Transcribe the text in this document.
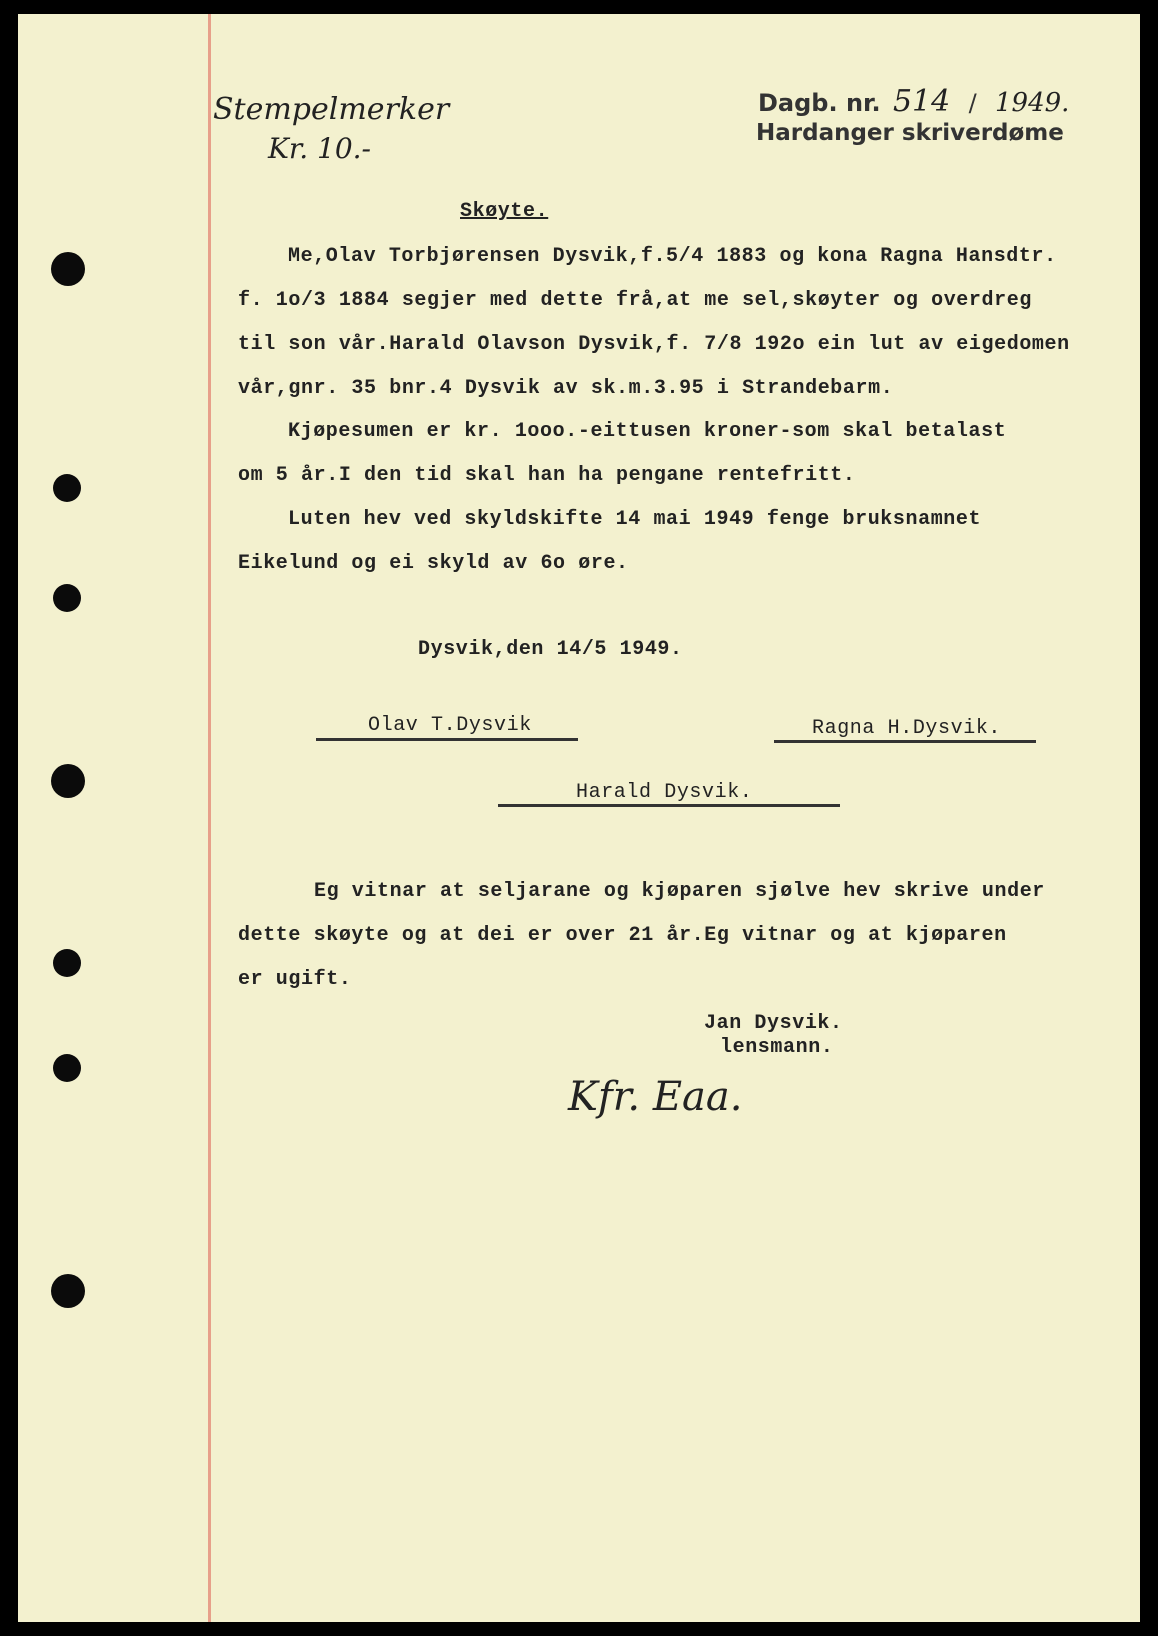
Stempelmerker
Kr. 10.-
Dagb. nr. 514 / 1949.
Hardanger skriverdøme
Skøyte.
Me,Olav Torbjørensen Dysvik,f.5/4 1883 og kona Ragna Hansdtr.
f. 1o/3 1884 segjer med dette frå,at me sel,skøyter og overdreg
til son vår.Harald Olavson Dysvik,f. 7/8 192o ein lut av eigedomen
vår,gnr. 35 bnr.4 Dysvik av sk.m.3.95 i Strandebarm.
Kjøpesumen er kr. 1ooo.-eittusen kroner-som skal betalast
om 5 år.I den tid skal han ha pengane rentefritt.
Luten hev ved skyldskifte 14 mai 1949 fenge bruksnamnet
Eikelund og ei skyld av 6o øre.
Dysvik,den 14/5 1949.
Olav T.Dysvik	Ragna H.Dysvik.
Harald Dysvik.
Eg vitnar at seljarane og kjøparen sjølve hev skrive under
dette skøyte og at dei er over 21 år.Eg vitnar og at kjøparen
er ugift.
Jan Dysvik.
lensmann.
Kfr. Eaa.
